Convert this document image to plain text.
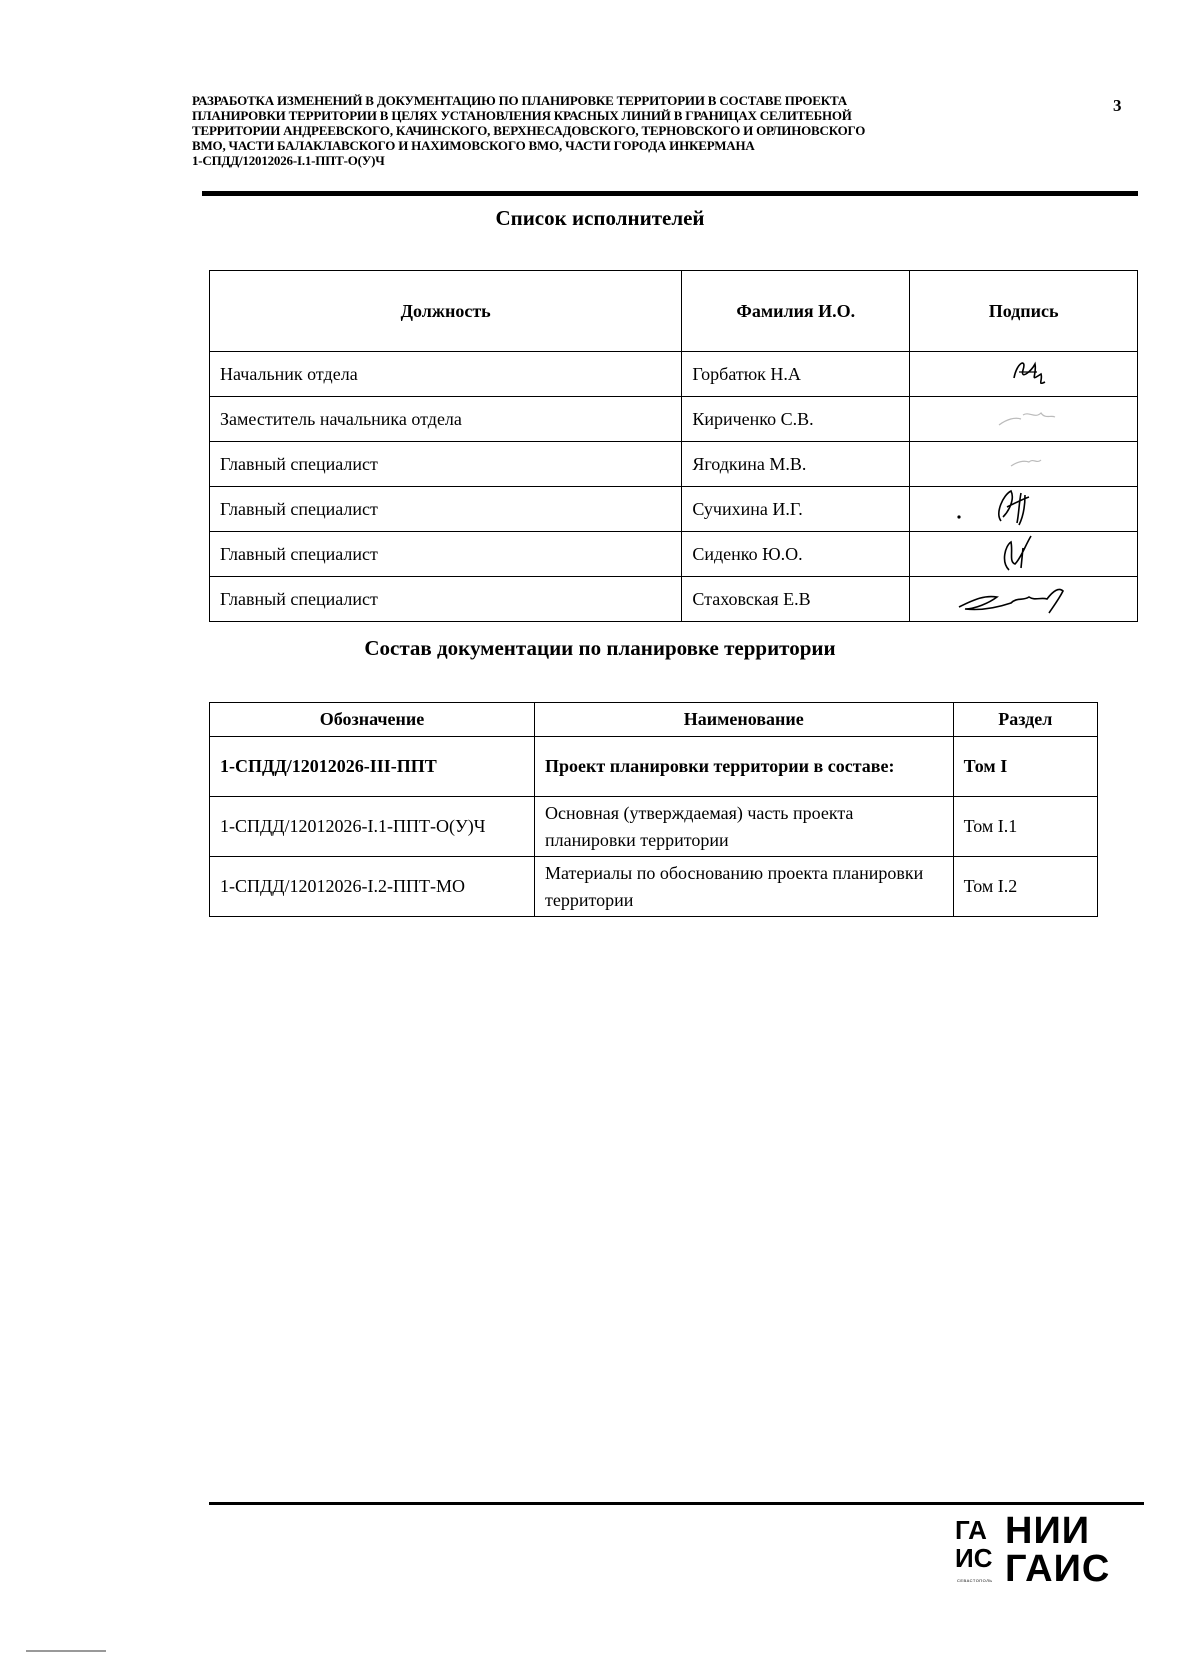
РАЗРАБОТКА ИЗМЕНЕНИЙ В ДОКУМЕНТАЦИЮ ПО ПЛАНИРОВКЕ ТЕРРИТОРИИ В СОСТАВЕ ПРОЕКТА
ПЛАНИРОВКИ ТЕРРИТОРИИ В ЦЕЛЯХ УСТАНОВЛЕНИЯ КРАСНЫХ ЛИНИЙ В ГРАНИЦАХ СЕЛИТЕБНОЙ
ТЕРРИТОРИИ АНДРЕЕВСКОГО, КАЧИНСКОГО, ВЕРХНЕСАДОВСКОГО, ТЕРНОВСКОГО И ОРЛИНОВСКОГО
ВМО, ЧАСТИ БАЛАКЛАВСКОГО И НАХИМОВСКОГО ВМО, ЧАСТИ ГОРОДА ИНКЕРМАНА
1-СПДД/12012026-I.1-ППТ-О(У)Ч
3
Список исполнителей
Должность	Фамилия И.О.	Подпись
Начальник отдела	Горбатюк Н.А	
Заместитель начальника отдела	Кириченко С.В.	
Главный специалист	Ягодкина М.В.	
Главный специалист	Сучихина И.Г.	
Главный специалист	Сиденко Ю.О.	
Главный специалист	Стаховская Е.В	
Состав документации по планировке территории
Обозначение	Наименование	Раздел
1-СПДД/12012026-III-ППТ	Проект планировки территории в составе:	Том I
1-СПДД/12012026-I.1-ППТ-О(У)Ч	Основная (утверждаемая) часть проекта планировки территории	Том I.1
1-СПДД/12012026-I.2-ППТ-МО	Материалы по обоснованию проекта планировки территории	Том I.2
ГА
ИС
НИИ
ГАИС
СЕВАСТОПОЛЬ
